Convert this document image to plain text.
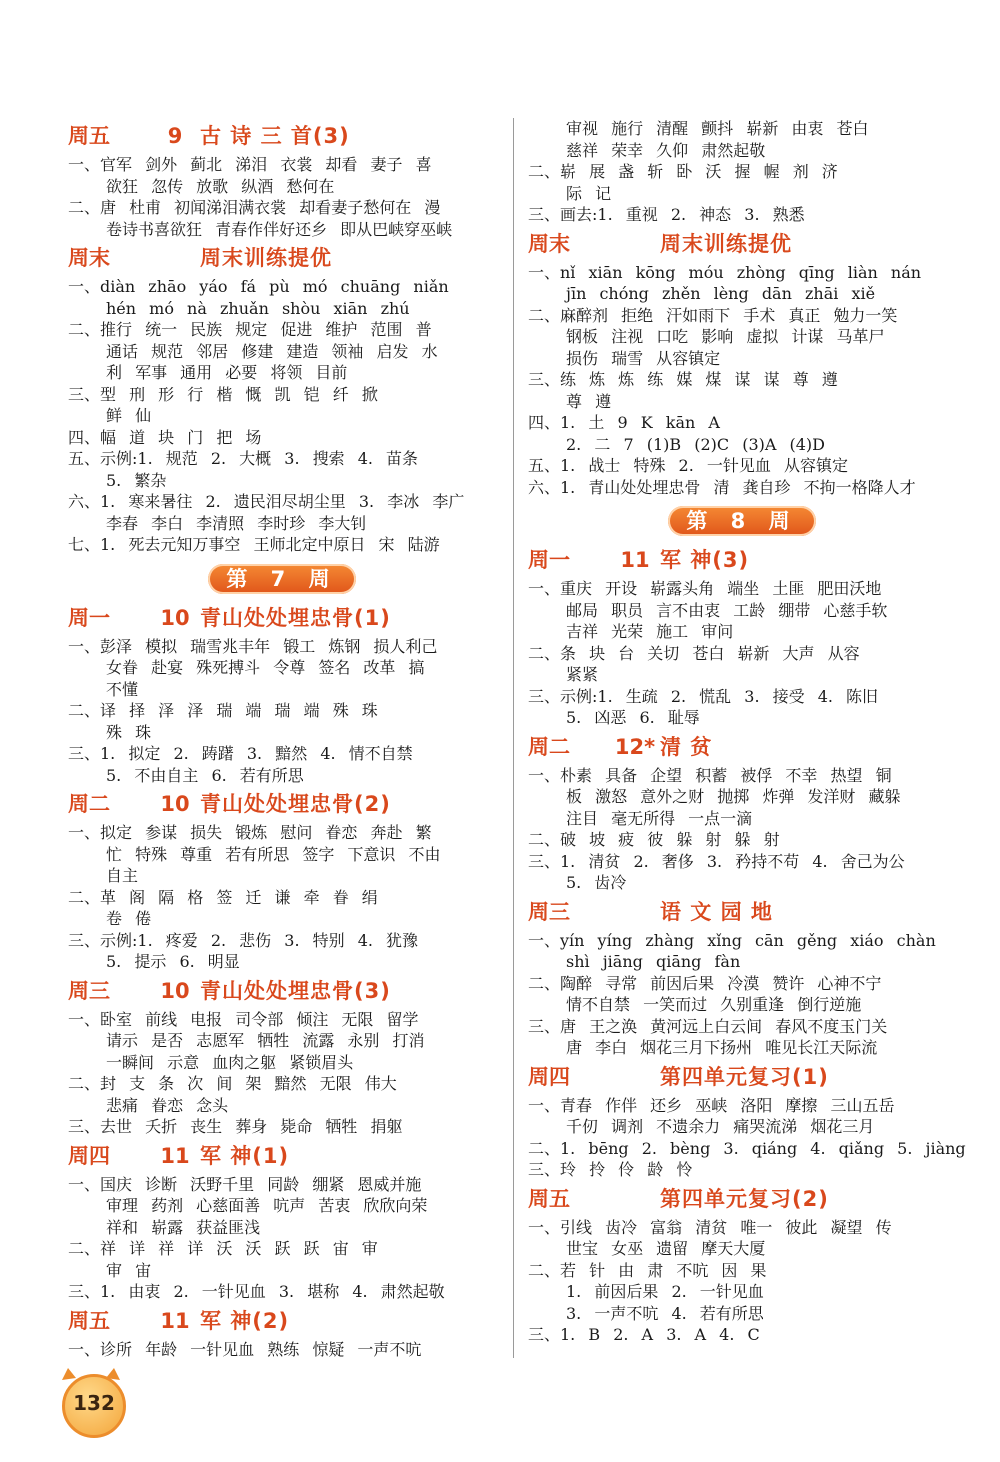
周五	9 古 诗 三 首(3)
一、官军 剑外 蓟北 涕泪 衣裳 却看 妻子 喜
欲狂 忽传 放歌 纵酒 愁何在
二、唐 杜甫 初闻涕泪满衣裳 却看妻子愁何在 漫
卷诗书喜欲狂 青春作伴好还乡 即从巴峡穿巫峡
周末	周末训练提优
一、diàn zhāo yáo fá pù mó chuāng niǎn
hén mó nà zhuǎn shòu xiān zhú
二、推行 统一 民族 规定 促进 维护 范围 普
通话 规范 邻居 修建 建造 领袖 启发 水
利 军事 通用 必要 将领 目前
三、型 刑 形 行 楷 慨 凯 铠 纤 掀
鲜 仙
四、幅 道 块 门 把 场
五、示例:1. 规范 2. 大概 3. 搜索 4. 苗条
5. 繁杂
六、1. 寒来暑往 2. 遗民泪尽胡尘里 3. 李冰 李广
李春 李白 李清照 李时珍 李大钊
七、1. 死去元知万事空 王师北定中原日 宋 陆游
第 7 周
周一	10 青山处处埋忠骨(1)
一、彭泽 模拟 瑞雪兆丰年 锻工 炼钢 损人利己
女眷 赴宴 殊死搏斗 令尊 签名 改革 搞
不懂
二、译 择 泽 泽 瑞 端 瑞 端 殊 珠
殊 珠
三、1. 拟定 2. 踌躇 3. 黯然 4. 情不自禁
5. 不由自主 6. 若有所思
周二	10 青山处处埋忠骨(2)
一、拟定 参谋 损失 锻炼 慰问 眷恋 奔赴 繁
忙 特殊 尊重 若有所思 签字 下意识 不由
自主
二、革 阁 隔 格 签 迁 谦 牵 眷 绢
卷 倦
三、示例:1. 疼爱 2. 悲伤 3. 特别 4. 犹豫
5. 提示 6. 明显
周三	10 青山处处埋忠骨(3)
一、卧室 前线 电报 司令部 倾注 无限 留学
请示 是否 志愿军 牺牲 流露 永别 打消
一瞬间 示意 血肉之躯 紧锁眉头
二、封 支 条 次 间 架 黯然 无限 伟大
悲痛 眷恋 念头
三、去世 夭折 丧生 葬身 毙命 牺牲 捐躯
周四	11 军 神(1)
一、国庆 诊断 沃野千里 同龄 绷紧 恩威并施
审理 药剂 心慈面善 吭声 苦衷 欣欣向荣
祥和 崭露 获益匪浅
二、祥 详 祥 详 沃 沃 跃 跃 宙 审
审 宙
三、1. 由衷 2. 一针见血 3. 堪称 4. 肃然起敬
周五	11 军 神(2)
一、诊所 年龄 一针见血 熟练 惊疑 一声不吭
审视 施行 清醒 颤抖 崭新 由衷 苍白
慈祥 荣幸 久仰 肃然起敬
二、崭 展 盏 斩 卧 沃 握 幄 剂 济
际 记
三、画去:1. 重视 2. 神态 3. 熟悉
周末	周末训练提优
一、nǐ xiān kōng móu zhòng qīng liàn nán
jīn chóng zhěn lèng dān zhāi xiě
二、麻醉剂 拒绝 汗如雨下 手术 真正 勉力一笑
钢板 注视 口吃 影响 虚拟 计谋 马革尸
损伤 瑞雪 从容镇定
三、练 炼 炼 练 媒 煤 谋 谋 尊 遵
尊 遵
四、1. 土 9 K kān A
2. 二 7 (1)B (2)C (3)A (4)D
五、1. 战士 特殊 2. 一针见血 从容镇定
六、1. 青山处处埋忠骨 清 龚自珍 不拘一格降人才
第 8 周
周一	11 军 神(3)
一、重庆 开设 崭露头角 端坐 土匪 肥田沃地
邮局 职员 言不由衷 工龄 绷带 心慈手软
吉祥 光荣 施工 审问
二、条 块 台 关切 苍白 崭新 大声 从容
紧紧
三、示例:1. 生疏 2. 慌乱 3. 接受 4. 陈旧
5. 凶恶 6. 耻辱
周二	12* 清 贫
一、朴素 具备 企望 积蓄 被俘 不幸 热望 铜
板 激怒 意外之财 抛掷 炸弹 发洋财 藏躲
注目 毫无所得 一点一滴
二、破 坡 疲 彼 躲 射 躲 射
三、1. 清贫 2. 奢侈 3. 矜持不苟 4. 舍己为公
5. 齿冷
周三	语 文 园 地
一、yín yíng zhàng xǐng cān gěng xiáo chàn
shì jiāng qiāng fàn
二、陶醉 寻常 前因后果 冷漠 赞许 心神不宁
情不自禁 一笑而过 久别重逢 倒行逆施
三、唐 王之涣 黄河远上白云间 春风不度玉门关
唐 李白 烟花三月下扬州 唯见长江天际流
周四	第四单元复习(1)
一、青春 作伴 还乡 巫峡 洛阳 摩擦 三山五岳
千仞 调剂 不遗余力 痛哭流涕 烟花三月
二、1. bēng 2. bèng 3. qiáng 4. qiǎng 5. jiàng
三、玲 拎 伶 龄 怜
周五	第四单元复习(2)
一、引线 齿冷 富翁 清贫 唯一 彼此 凝望 传
世宝 女巫 遗留 摩天大厦
二、若 针 由 肃 不吭 因 果
1. 前因后果 2. 一针见血
3. 一声不吭 4. 若有所思
三、1. B 2. A 3. A 4. C
132
